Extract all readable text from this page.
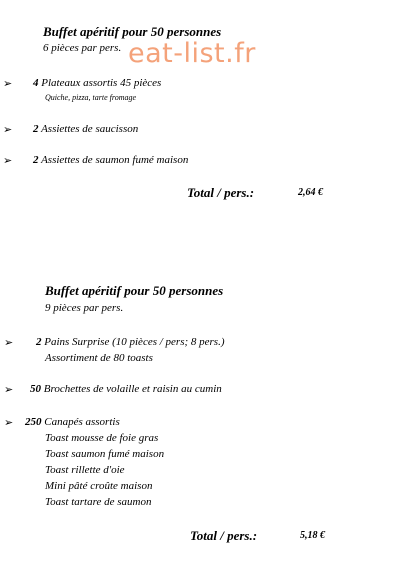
eat-list.fr
Buffet apéritif pour 50 personnes
6 pièces par pers.
➢ 4 Plateaux assortis 45 pièces
Quiche, pizza, tarte fromage
➢ 2 Assiettes de saucisson
➢ 2 Assiettes de saumon fumé maison
Total / pers.:	2,64 €
Buffet apéritif pour 50 personnes
9 pièces par pers.
➢ 2 Pains Surprise (10 pièces / pers; 8 pers.)
Assortiment de 80 toasts
➢ 50 Brochettes de volaille et raisin au cumin
➢ 250 Canapés assortis
Toast mousse de foie gras
Toast saumon fumé maison
Toast rillette d'oie
Mini pâté croûte maison
Toast tartare de saumon
Total / pers.:	5,18 €
